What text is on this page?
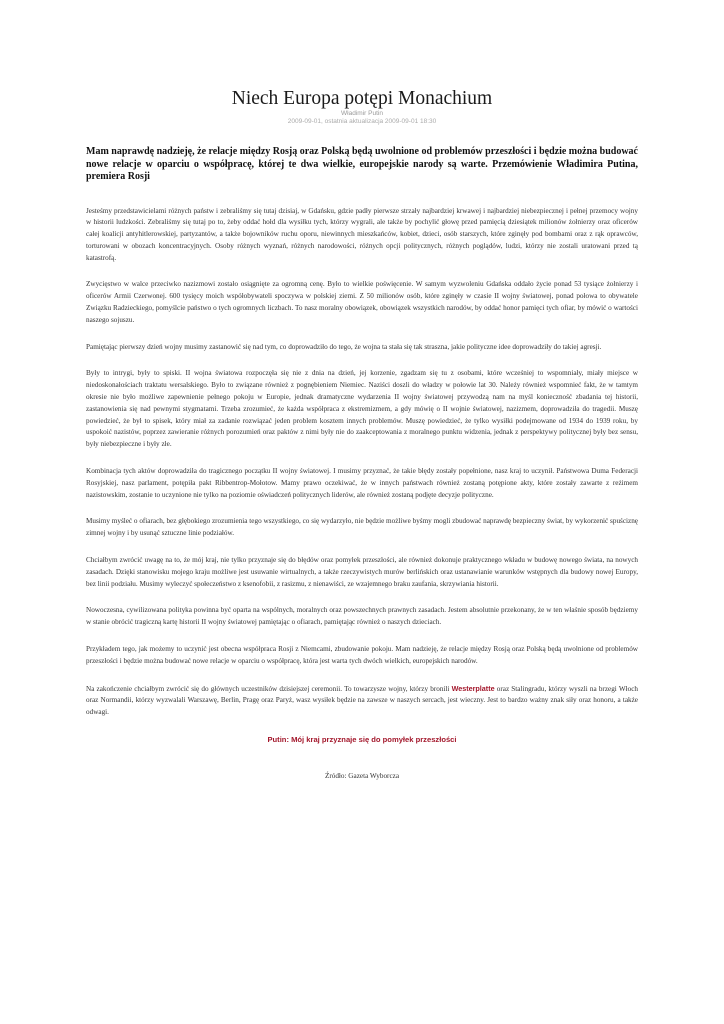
Niech Europa potępi Monachium
Władimir Putin
2009-09-01, ostatnia aktualizacja 2009-09-01 18:30

Mam naprawdę nadzieję, że relacje między Rosją oraz Polską będą uwolnione od problemów przeszłości i będzie można budować nowe relacje w oparciu o współpracę, której te dwa wielkie, europejskie narody są warte. Przemówienie Władimira Putina, premiera Rosji

Jesteśmy przedstawicielami różnych państw i zebraliśmy się tutaj dzisiaj, w Gdańsku, gdzie padły pierwsze strzały najbardziej krwawej i najbardziej niebezpiecznej i pełnej przemocy wojny w historii ludzkości. Zebraliśmy się tutaj po to, żeby oddać hołd dla wysiłku tych, którzy wygrali, ale także by pochylić głowę przed pamięcią dziesiątek milionów żołnierzy oraz oficerów całej koalicji antyhitlerowskiej, partyzantów, a także bojowników ruchu oporu, niewinnych mieszkańców, kobiet, dzieci, osób starszych, które zginęły pod bombami oraz z rąk oprawców, torturowani w obozach koncentracyjnych. Osoby różnych wyznań, różnych narodowości, różnych opcji politycznych, różnych poglądów, ludzi, którzy nie zostali uratowani przed tą katastrofą.

Zwycięstwo w walce przeciwko nazizmowi zostało osiągnięte za ogromną cenę. Było to wielkie poświęcenie. W samym wyzwoleniu Gdańska oddało życie ponad 53 tysiące żołnierzy i oficerów Armii Czerwonej. 600 tysięcy moich współobywateli spoczywa w polskiej ziemi. Z 50 milionów osób, które zginęły w czasie II wojny światowej, ponad połowa to obywatele Związku Radzieckiego, pomyślcie państwo o tych ogromnych liczbach. To nasz moralny obowiązek, obowiązek wszystkich narodów, by oddać honor pamięci tych ofiar, by mówić o wartości naszego sojuszu.

Pamiętając pierwszy dzień wojny musimy zastanowić się nad tym, co doprowadziło do tego, że wojna ta stała się tak straszna, jakie polityczne idee doprowadziły do takiej agresji.

Były to intrygi, były to spiski. II wojna światowa rozpoczęła się nie z dnia na dzień, jej korzenie, zgadzam się tu z osobami, które wcześniej to wspomniały, miały miejsce w niedoskonałościach traktatu wersalskiego. Było to związane również z pognębieniem Niemiec. Naziści doszli do władzy w połowie lat 30. Należy również wspomnieć fakt, że w tamtym okresie nie było możliwe zapewnienie pełnego pokoju w Europie, jednak dramatyczne wydarzenia II wojny światowej przywodzą nam na myśl konieczność zbadania tej historii, zastanowienia się nad pewnymi stygmatami. Trzeba zrozumieć, że każda współpraca z ekstremizmem, a gdy mówię o II wojnie światowej, nazizmem, doprowadziła do tragedii. Muszę powiedzieć, że był to spisek, który miał za zadanie rozwiązać jeden problem kosztem innych problemów. Muszę powiedzieć, że tylko wysiłki podejmowane od 1934 do 1939 roku, by uspokoić nazistów, poprzez zawieranie różnych porozumień oraz paktów z nimi były nie do zaakceptowania z moralnego punktu widzenia, jednak z perspektywy politycznej były bez sensu, były niebezpieczne i były złe.

Kombinacja tych aktów doprowadziła do tragicznego początku II wojny światowej. I musimy przyznać, że takie błędy zostały popełnione, nasz kraj to uczynił. Państwowa Duma Federacji Rosyjskiej, nasz parlament, potępiła pakt Ribbentrop-Mołotow. Mamy prawo oczekiwać, że w innych państwach również zostaną potępione akty, które zostały zawarte z reżimem nazistowskim, zostanie to uczynione nie tylko na poziomie oświadczeń politycznych liderów, ale również zostaną podjęte decyzje polityczne.

Musimy myśleć o ofiarach, bez głębokiego zrozumienia tego wszystkiego, co się wydarzyło, nie będzie możliwe byśmy mogli zbudować naprawdę bezpieczny świat, by wykorzenić spuściznę zimnej wojny i by usunąć sztuczne linie podziałów.

Chciałbym zwrócić uwagę na to, że mój kraj, nie tylko przyznaje się do błędów oraz pomyłek przeszłości, ale również dokonuje praktycznego wkładu w budowę nowego świata, na nowych zasadach. Dzięki stanowisku mojego kraju możliwe jest usuwanie wirtualnych, a także rzeczywistych murów berlińskich oraz ustanawianie warunków wstępnych dla budowy nowej Europy, bez linii podziału. Musimy wyleczyć społeczeństwo z ksenofobii, z rasizmu, z nienawiści, ze wzajemnego braku zaufania, skrzywiania historii.

Nowoczesna, cywilizowana polityka powinna być oparta na wspólnych, moralnych oraz powszechnych prawnych zasadach. Jestem absolutnie przekonany, że w ten właśnie sposób będziemy w stanie obrócić tragiczną kartę historii II wojny światowej pamiętając o ofiarach, pamiętając również o naszych dzieciach.

Przykładem tego, jak możemy to uczynić jest obecna współpraca Rosji z Niemcami, zbudowanie pokoju. Mam nadzieję, że relacje między Rosją oraz Polską będą uwolnione od problemów przeszłości i będzie można budować nowe relacje w oparciu o współpracę, która jest warta tych dwóch wielkich, europejskich narodów.

Na zakończenie chciałbym zwrócić się do głównych uczestników dzisiejszej ceremonii. To towarzysze wojny, którzy bronili Westerplatte oraz Stalingradu, którzy wyszli na brzegi Włoch oraz Normandii, którzy wyzwalali Warszawę, Berlin, Pragę oraz Paryż, wasz wysiłek będzie na zawsze w naszych sercach, jest wieczny. Jest to bardzo ważny znak siły oraz honoru, a także odwagi.

Putin: Mój kraj przyznaje się do pomyłek przeszłości
Źródło: Gazeta Wyborcza
